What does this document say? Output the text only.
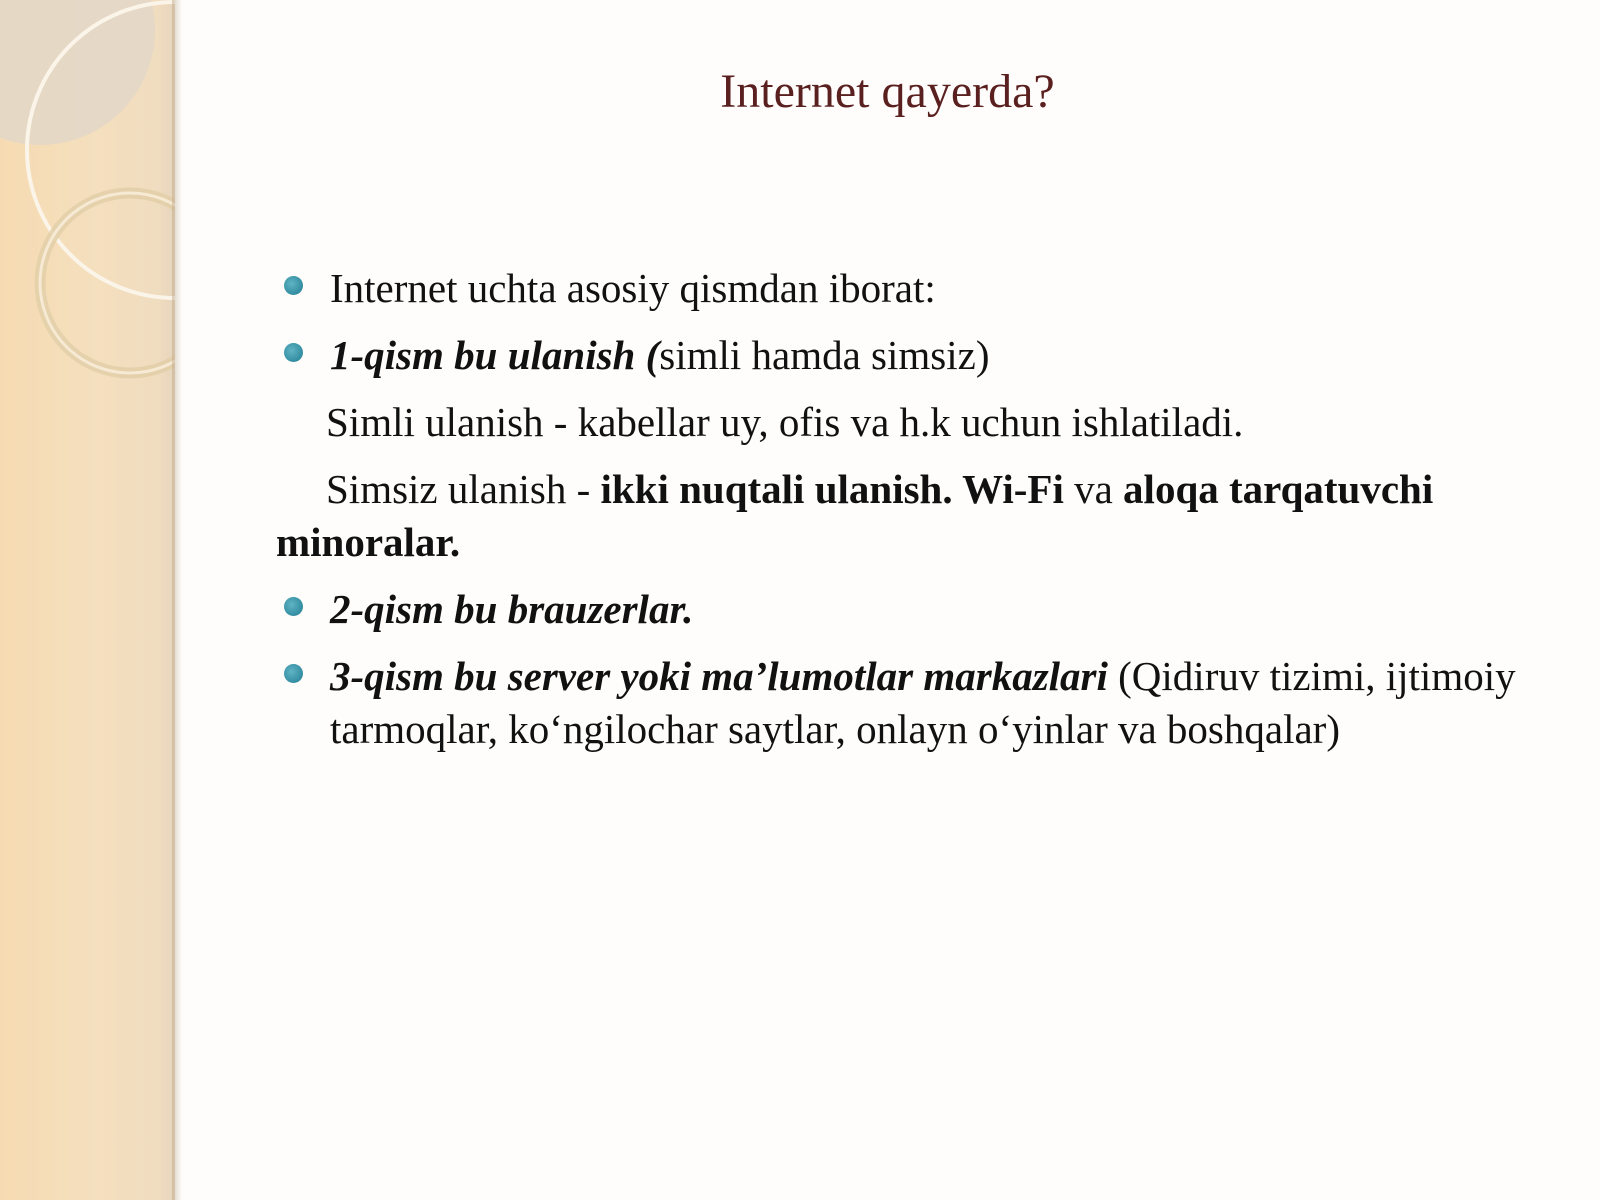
Internet qayerda?
Internet uchta asosiy qismdan iborat:
1-qism bu ulanish (simli hamda simsiz)
Simli ulanish - kabellar uy, ofis va h.k uchun ishlatiladi.
Simsiz ulanish - ikki nuqtali ulanish. Wi-Fi va aloqa tarqatuvchi minoralar.
2-qism bu brauzerlar.
3-qism bu server yoki ma’lumotlar markazlari (Qidiruv tizimi, ijtimoiy tarmoqlar, ko‘ngilochar saytlar, onlayn o‘yinlar va boshqalar)
